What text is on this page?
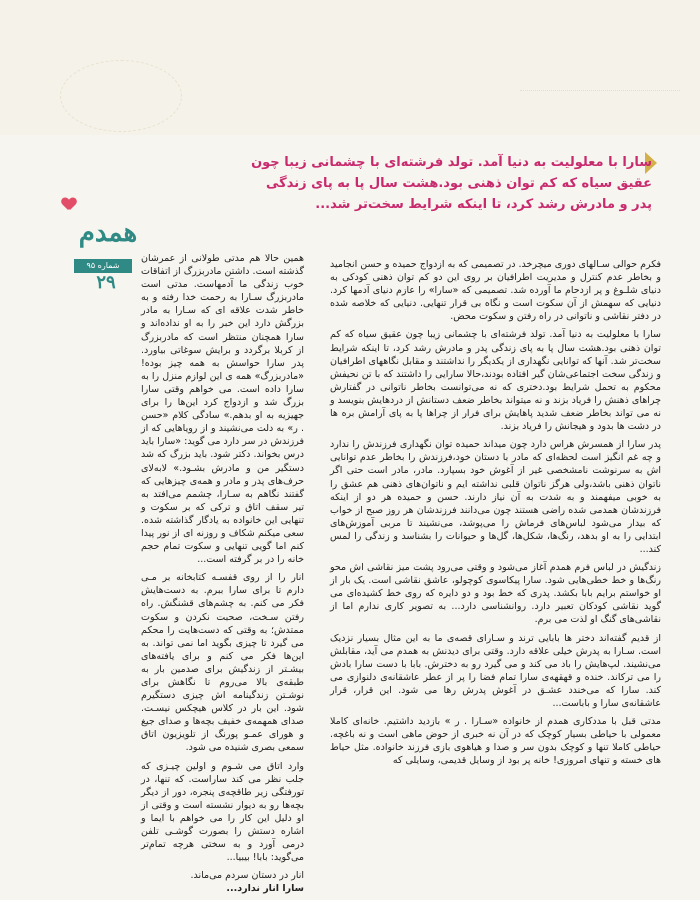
سارا با معلولیت به دنیا آمد. تولد فرشته‌ای با چشمانی زیبا چون عقیق سیاه که کم توان ذهنی بود.هشت سال پا به پای زندگی پدر و مادرش رشد کرد، تا اینکه شرایط سخت‌تر شد...
همدم
شماره ۹۵
۲۹

فکرم حوالی سـالهای دوری میچرخد. در تصمیمی که به ازدواج حمیده و حسن انجامید و بخاطر عدم کنترل و مدیریت اطرافیان بر روی این دو کم توان ذهنی کودکی به دنیای شلـوغ و پر ازدحام ما آورده شد. تصمیمی که «سارا» را عازم دنیای آدمها کرد. دنیایی که سهمش از آن سکوت است و نگاه بی قرار تنهایی. دنیایی که خلاصه شده در دفتر نقاشی و ناتوانی در راه رفتن و سکوت محض.

سارا با معلولیت به دنیا آمد. تولد فرشته‌ای با چشمانی زیبا چون عقیق سیاه که کم توان ذهنی بود.هشت سال پا به پای زندگی پدر و مادرش رشد کرد، تا اینکه شرایط سخت‌تر شد. آنها که توانایی نگهداری از یکدیگر را نداشتند و مقابل نگاههای اطرافیان و زندگی سخت اجتماعی‌شان گیر افتاده بودند،حالا سارایی را داشتند که با تن نحیفش محکوم به تحمل شرایط بود.دختری که نه می‌توانست بخاطر ناتوانی در گفتارش چراهای ذهنش را فریاد بزند و نه میتواند بخاطر ضعف دستانش از دردهایش بنویسد و نه می تواند بخاطر ضعف شدید پاهایش برای فرار از چراها پا به پای آرامش بره ها در دشت ها بدود و هیجانش را فریاد بزند.

پدر سارا از همسرش هراس دارد چون میداند حمیده توان نگهداری فرزندش را ندارد و چه غم انگیز است لحظه‌ای که مادر با دستان خود،فرزندش را بخاطر عدم توانایی اش به سرنوشت نامشخصی غیر از آغوش خود بسپارد. مادر، مادر است حتی اگر ناتوان ذهنی باشد،ولی هرگز ناتوان قلبی نداشته ایم و ناتوان‌های ذهنی هم عشق را به خوبی میفهمند و به شدت به آن نیاز دارند. حسن و حمیده هر دو از اینکه فرزندشان همدمی شده راضی هستند چون می‌دانند فرزندشان هر روز صبح از خواب که بیدار می‌شود لباس‌های فرماش را می‌پوشد، می‌نشیند تا مربی آموزش‌های ابتدایی را به او بدهد، رنگ‌ها، شکل‌ها، گل‌ها و حیوانات را بشناسد و زندگی را لمس کند...

زندگیش در لباس فرم همدم آغاز می‌شود و وقتی می‌رود پشت میز نقاشی اش محو رنگ‌ها و خط خطی‌هایی شود. سارا پیکاسوی کوچولو، عاشق نقاشی است. یک بار از او خواستم برایم بابا بکشد. پدری که خط بود و دو دایره که روی خط کشیده‌ای می گوید نقاشی کودکان تعبیر دارد. روانشناسی دارد... به تصویر کاری ندارم اما از نقاشی‌های گنگ او لذت می برم.

از قدیم گفته‌اند دختر ها بابایی ترند و سـارای قصه‌ی ما به این مثال بسیار نزدیک است. سـارا به پدرش خیلی علاقه دارد. وقتی برای دیدنش به همدم می آید، مقابلش می‌نشیند. لپ‌هایش را باد می کند و می گیرد رو به دخترش. بابا با دست سارا بادش را می ترکاند. خنده و قهقهه‌ی سارا تمام فضا را پر از عطر عاشقانه‌ی دلنوازی می کند. سارا که می‌خندد عشـق در آغوش پدرش رها می شود. این قرار، قرار عاشقانه‌ی سارا و باباست...

مدتی قبل با مددکاری همدم از خانواده «سـارا . ر » بازدید داشتیم. خانه‌ای کاملا معمولی با حیاطی بسیار کوچک که در آن نه خبری از حوض ماهی است و نه باغچه. حیاطی کاملا تنها و کوچک بدون سر و صدا و هیاهوی بازی فرزند خانواده. مثل حیاط های خسته و تنهای امروزی! خانه پر بود از وسایل قدیمی، وسایلی که

همین حالا هم مدتی طولانی از عمرشان گذشته است. داشتن مادربزرگ از اتفاقات خوب زندگی ما آدمهاست. مدتی است مادربزرگ سـارا به رحمت خدا رفته و به خاطر شدت علاقه ای که سـارا به مادر بزرگش دارد این خبر را به او نداده‌اند و سارا همچنان منتظر است که مادربزرگ از کربلا برگردد و برایش سوغاتی بیاورد. پدر سارا حواسش به همه چیز بوده! «مادربزرگ» همه ی این لوازم منزل را به سارا داده است. می خواهم وقتی سارا بزرگ شد و ازدواج کرد این‌ها را برای جهیزیه به او بدهم.» سادگی کلام «حسن . ر» به دلت می‌نشیند و از رویاهایی که از فرزندش در سر دارد می گوید: «سارا باید درس بخواند. دکتر شود. باید بزرگ که شد دستگیر من و مادرش بشـود.» لابه‌لای حرف‌های پدر و مادر و همه‌ی چیزهایی که گفتند نگاهم به سـارا، چشمم می‌افتد به تیر سقف اتاق و ترکی که بر سکوت و تنهایی این خانواده به یادگار گذاشته شده. سعی میکنم شکاف و روزنه ای از نور پیدا کنم اما گویی تنهایی و سکوت تمام حجم خانه را در بر گرفته است...

انار را از روی قفسـه کتابخانه بر مـی دارم تا برای سارا ببرم. به دست‌هایش فکر می کنم. به چشم‌های قشنگش. راه رفتن سـخت، صحبت نکردن و سکوت ممتدش؛ به وقتی که دست‌هایت را محکم می گیرد تا چیزی بگوید اما نمی تواند. به این‌ها فکر می کنم و برای یافته‌های بیشـتر از زندگیش برای صدمین بار به طبقه‌ی بالا می‌روم تا نگاهش برای نوشـتن زندگینامه اش چیزی دستگیرم شود. این بار در کلاس هیچکس نیسـت. صدای همهمه‌ی خفیف بچه‌ها و صدای جیغ و هورای عمـو پورنگ از تلویزیون اتاق سمعی بصری شنیده می شود.

وارد اتاق می شـوم و اولین چیـزی که جلب نظر می کند ساراست. که تنها، در تورفتگی زیر طاقچه‌ی پنجره، دور از دیگر بچه‌ها رو به دیوار نشسته است و وقتی از او دلیل این کار را می خواهم با ایما و اشاره دستش را بصورت گوشـی تلفن درمی آورد و به سختی هرچه تمام‌تر می‌گوید: بابا! بیبیا...

انار در دستان سردم می‌ماند.

سارا انار ندارد...
